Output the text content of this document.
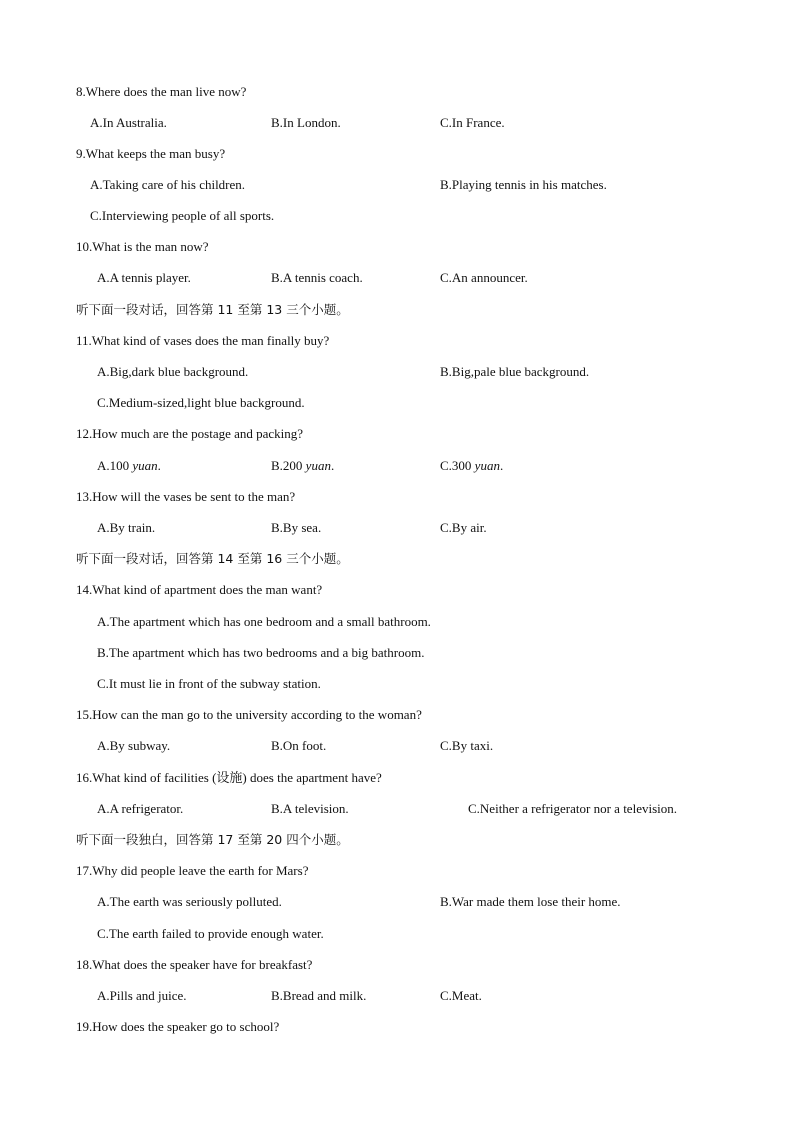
8.Where does the man live now?
A.In Australia.	B.In London.	C.In France.
9.What keeps the man busy?
A.Taking care of his children.	B.Playing tennis in his matches.
C.Interviewing people of all sports.
10.What is the man now?
A.A tennis player.	B.A tennis coach.	C.An announcer.
听下面一段对话，回答第 11 至第 13 三个小题。
11.What kind of vases does the man finally buy?
A.Big,dark blue background.	B.Big,pale blue background.
C.Medium-sized,light blue background.
12.How much are the postage and packing?
A.100 yuan.	B.200 yuan.	C.300 yuan.
13.How will the vases be sent to the man?
A.By train.	B.By sea.	C.By air.
听下面一段对话，回答第 14 至第 16 三个小题。
14.What kind of apartment does the man want?
A.The apartment which has one bedroom and a small bathroom.
B.The apartment which has two bedrooms and a big bathroom.
C.It must lie in front of the subway station.
15.How can the man go to the university according to the woman?
A.By subway.	B.On foot.	C.By taxi.
16.What kind of facilities (设施) does the apartment have?
A.A refrigerator.	B.A television.	C.Neither a refrigerator nor a television.
听下面一段独白，回答第 17 至第 20 四个小题。
17.Why did people leave the earth for Mars?
A.The earth was seriously polluted.	B.War made them lose their home.
C.The earth failed to provide enough water.
18.What does the speaker have for breakfast?
A.Pills and juice.	B.Bread and milk.	C.Meat.
19.How does the speaker go to school?
